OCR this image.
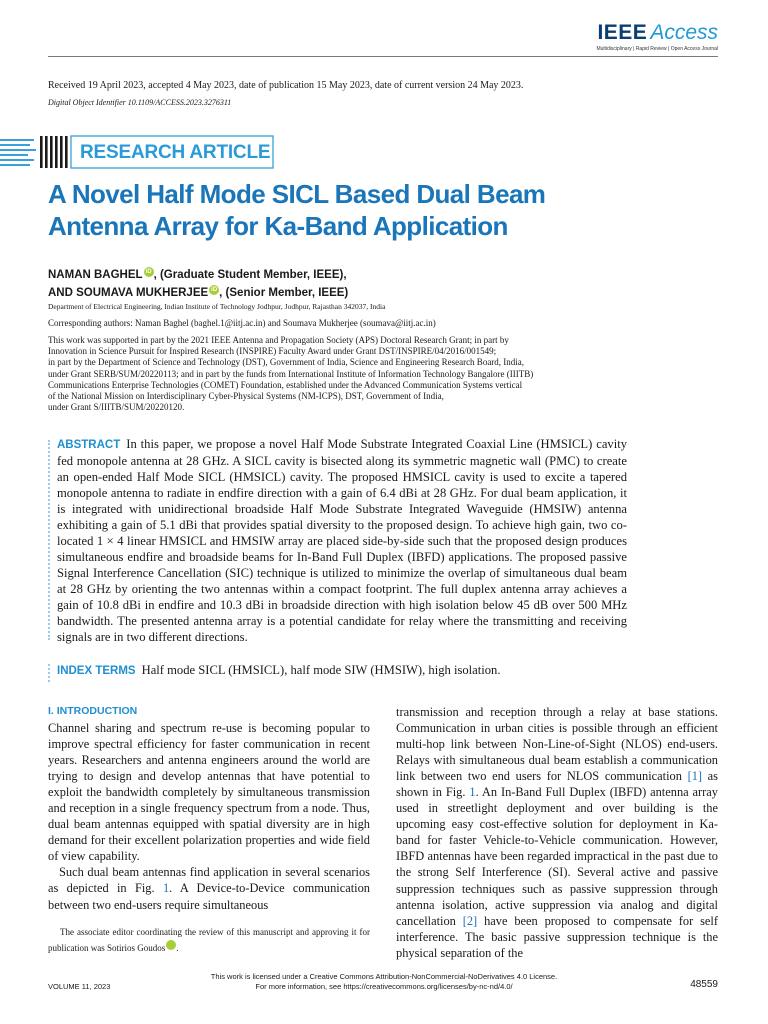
IEEE Access
Multidisciplinary | Rapid Review | Open Access Journal
Received 19 April 2023, accepted 4 May 2023, date of publication 15 May 2023, date of current version 24 May 2023.
Digital Object Identifier 10.1109/ACCESS.2023.3276311
RESEARCH ARTICLE
A Novel Half Mode SICL Based Dual Beam
Antenna Array for Ka-Band Application
NAMAN BAGHEL iD , (Graduate Student Member, IEEE),
AND SOUMAVA MUKHERJEE iD , (Senior Member, IEEE)
Department of Electrical Engineering, Indian Institute of Technology Jodhpur, Jodhpur, Rajasthan 342037, India
Corresponding authors: Naman Baghel (baghel.1@iitj.ac.in) and Soumava Mukherjee (soumava@iitj.ac.in)
This work was supported in part by the 2021 IEEE Antenna and Propagation Society (APS) Doctoral Research Grant; in part by
Innovation in Science Pursuit for Inspired Research (INSPIRE) Faculty Award under Grant DST/INSPIRE/04/2016/001549;
in part by the Department of Science and Technology (DST), Government of India, Science and Engineering Research Board, India,
under Grant SERB/SUM/20220113; and in part by the funds from International Institute of Information Technology Bangalore (IIITB)
Communications Enterprise Technologies (COMET) Foundation, established under the Advanced Communication Systems vertical
of the National Mission on Interdisciplinary Cyber-Physical Systems (NM-ICPS), DST, Government of India,
under Grant S/IIITB/SUM/20220120.
ABSTRACT In this paper, we propose a novel Half Mode Substrate Integrated Coaxial Line (HMSICL) cavity fed monopole antenna at 28 GHz. A SICL cavity is bisected along its symmetric magnetic wall (PMC) to create an open-ended Half Mode SICL (HMSICL) cavity. The proposed HMSICL cavity is used to excite a tapered monopole antenna to radiate in endfire direction with a gain of 6.4 dBi at 28 GHz. For dual beam application, it is integrated with unidirectional broadside Half Mode Substrate Integrated Waveguide (HMSIW) antenna exhibiting a gain of 5.1 dBi that provides spatial diversity to the proposed design. To achieve high gain, two co-located 1 × 4 linear HMSICL and HMSIW array are placed side-by-side such that the proposed design produces simultaneous endfire and broadside beams for In-Band Full Duplex (IBFD) applications. The proposed passive Signal Interference Cancellation (SIC) technique is utilized to minimize the overlap of simultaneous dual beam at 28 GHz by orienting the two antennas within a compact footprint. The full duplex antenna array achieves a gain of 10.8 dBi in endfire and 10.3 dBi in broadside direction with high isolation below 45 dB over 500 MHz bandwidth. The presented antenna array is a potential candidate for relay where the transmitting and receiving signals are in two different directions.
INDEX TERMS Half mode SICL (HMSICL), half mode SIW (HMSIW), high isolation.
I. INTRODUCTION

Channel sharing and spectrum re-use is becoming popular to improve spectral efficiency for faster communication in recent years. Researchers and antenna engineers around the world are trying to design and develop antennas that have potential to exploit the bandwidth completely by simultaneous transmission and reception in a single frequency spectrum from a node. Thus, dual beam antennas equipped with spatial diversity are in high demand for their excellent polarization properties and wide field of view capability.

Such dual beam antennas find application in several scenarios as depicted in Fig. 1. A Device-to-Device communication between two end-users require simultaneous

The associate editor coordinating the review of this manuscript and approving it for publication was Sotirios Goudos iD.

transmission and reception through a relay at base stations. Communication in urban cities is possible through an efficient multi-hop link between Non-Line-of-Sight (NLOS) end-users. Relays with simultaneous dual beam establish a communication link between two end users for NLOS communication [1] as shown in Fig. 1. An In-Band Full Duplex (IBFD) antenna array used in streetlight deployment and over building is the upcoming easy cost-effective solution for deployment in Ka-band for faster Vehicle-to-Vehicle communication. However, IBFD antennas have been regarded impractical in the past due to the strong Self Interference (SI). Several active and passive suppression techniques such as passive suppression through antenna isolation, active suppression via analog and digital cancellation [2] have been proposed to compensate for self interference. The basic passive suppression technique is the physical separation of the

This work is licensed under a Creative Commons Attribution-NonCommercial-NoDerivatives 4.0 License.
For more information, see https://creativecommons.org/licenses/by-nc-nd/4.0/
VOLUME 11, 2023	48559
